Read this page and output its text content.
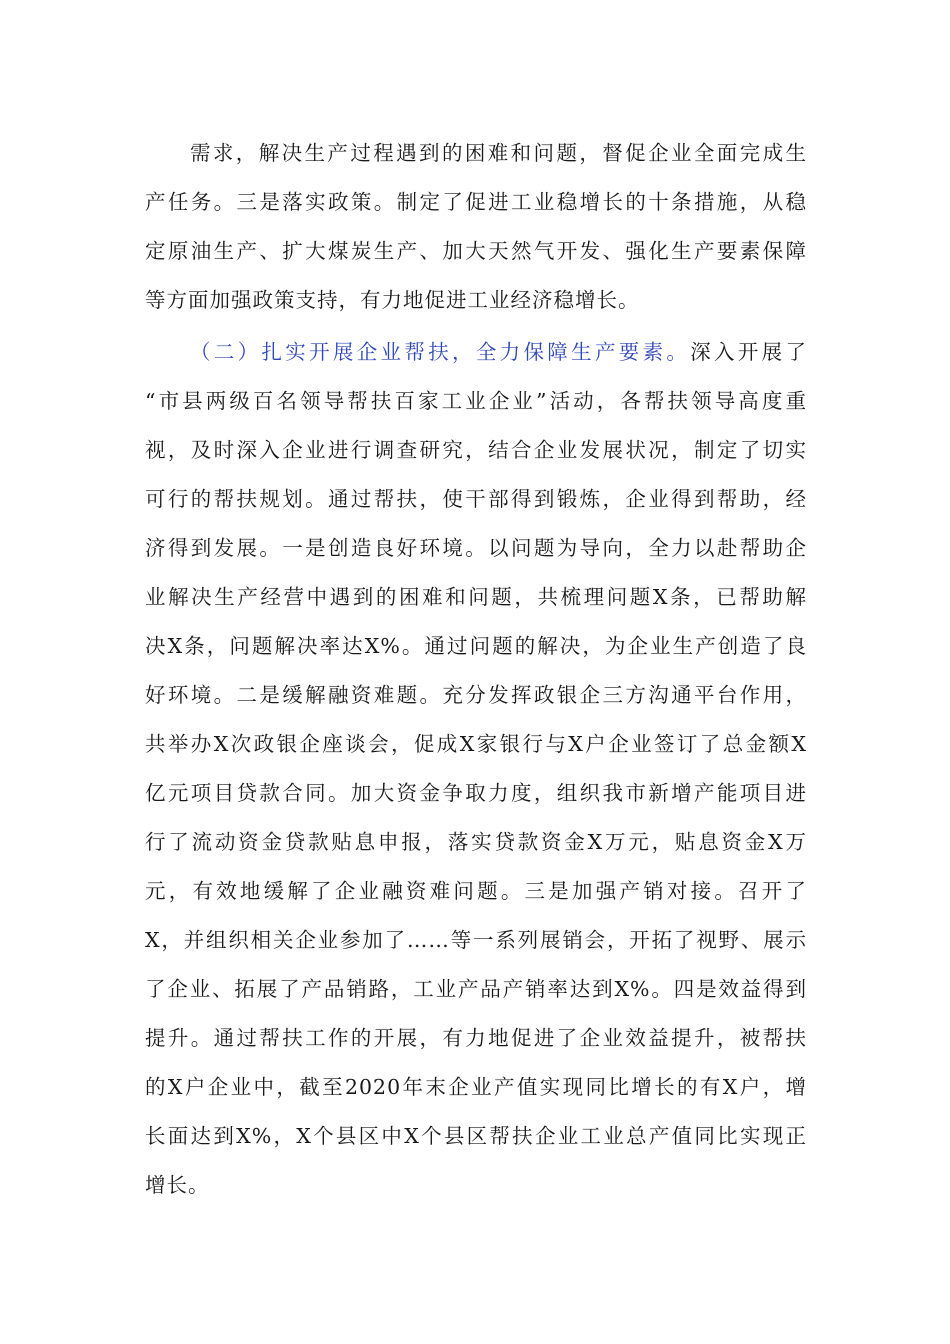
需求，解决生产过程遇到的困难和问题，督促企业全面完成生
产任务。三是落实政策。制定了促进工业稳增长的十条措施，从稳
定原油生产、扩大煤炭生产、加大天然气开发、强化生产要素保障
等方面加强政策支持，有力地促进工业经济稳增长。
（二）扎实开展企业帮扶，全力保障生产要素。深入开展了
“市县两级百名领导帮扶百家工业企业”活动，各帮扶领导高度重
视，及时深入企业进行调查研究，结合企业发展状况，制定了切实
可行的帮扶规划。通过帮扶，使干部得到锻炼，企业得到帮助，经
济得到发展。一是创造良好环境。以问题为导向，全力以赴帮助企
业解决生产经营中遇到的困难和问题，共梳理问题X条，已帮助解
决X条，问题解决率达X%。通过问题的解决，为企业生产创造了良
好环境。二是缓解融资难题。充分发挥政银企三方沟通平台作用，
共举办X次政银企座谈会，促成X家银行与X户企业签订了总金额X
亿元项目贷款合同。加大资金争取力度，组织我市新增产能项目进
行了流动资金贷款贴息申报，落实贷款资金X万元，贴息资金X万
元，有效地缓解了企业融资难问题。三是加强产销对接。召开了
X，并组织相关企业参加了……等一系列展销会，开拓了视野、展示
了企业、拓展了产品销路，工业产品产销率达到X%。四是效益得到
提升。通过帮扶工作的开展，有力地促进了企业效益提升，被帮扶
的X户企业中，截至2020年末企业产值实现同比增长的有X户，增
长面达到X%，X个县区中X个县区帮扶企业工业总产值同比实现正
增长。
